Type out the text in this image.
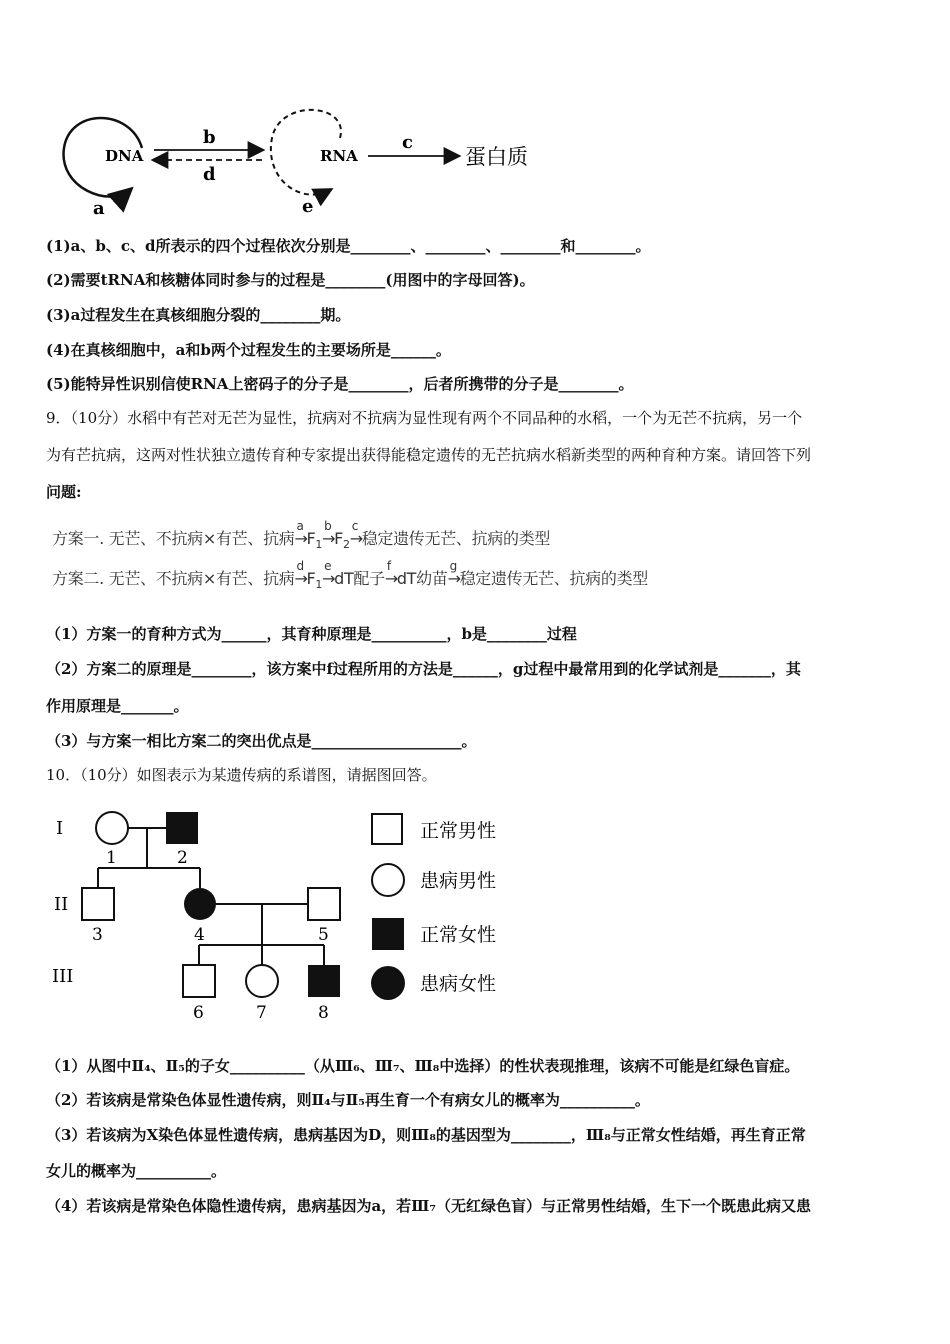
DNA
b
d
RNA
c
蛋白质
a	e
(1)a、b、c、d所表示的四个过程依次分别是________、________、________和________。
(2)需要tRNA和核糖体同时参与的过程是________(用图中的字母回答)。
(3)a过程发生在真核细胞分裂的________期。
(4)在真核细胞中，a和b两个过程发生的主要场所是______。
(5)能特异性识别信使RNA上密码子的分子是________，后者所携带的分子是________。
9．（10分）水稻中有芒对无芒为显性，抗病对不抗病为显性现有两个不同品种的水稻，一个为无芒不抗病，另一个
为有芒抗病，这两对性状独立遗传育种专家提出获得能稳定遗传的无芒抗病水稻新类型的两种育种方案。请回答下列
问题:
方案一. 无芒、不抗病×有芒、抗病→
a
$F_1\to$
b
$F_2\to$
c
稳定遗传无芒、抗病的类型
方案二. 无芒、不抗病×有芒、抗病→
d
$F_1\to$
e
dT配子→
f
dT幼苗→
g
稳定遗传无芒、抗病的类型
（1）方案一的育种方式为______，其育种原理是__________，b是________过程
（2）方案二的原理是________，该方案中f过程所用的方法是______，g过程中最常用到的化学试剂是_______，其
作用原理是_______。
（3）与方案一相比方案二的突出优点是____________________。
10．（10分）如图表示为某遗传病的系谱图，请据图回答。
I
II
III
1	2
3	4	5
6	7	8
正常男性
患病男性
正常女性
患病女性
（1）从图中Ⅱ₄、Ⅱ₅的子女__________（从Ⅲ₆、Ⅲ₇、Ⅲ₈中选择）的性状表现推理，该病不可能是红绿色盲症。
（2）若该病是常染色体显性遗传病，则Ⅱ₄与Ⅱ₅再生育一个有病女儿的概率为__________。
（3）若该病为X染色体显性遗传病，患病基因为D，则Ⅲ₈的基因型为________，Ⅲ₈与正常女性结婚，再生育正常
女儿的概率为__________。
（4）若该病是常染色体隐性遗传病，患病基因为a，若Ⅲ₇（无红绿色盲）与正常男性结婚，生下一个既患此病又患
